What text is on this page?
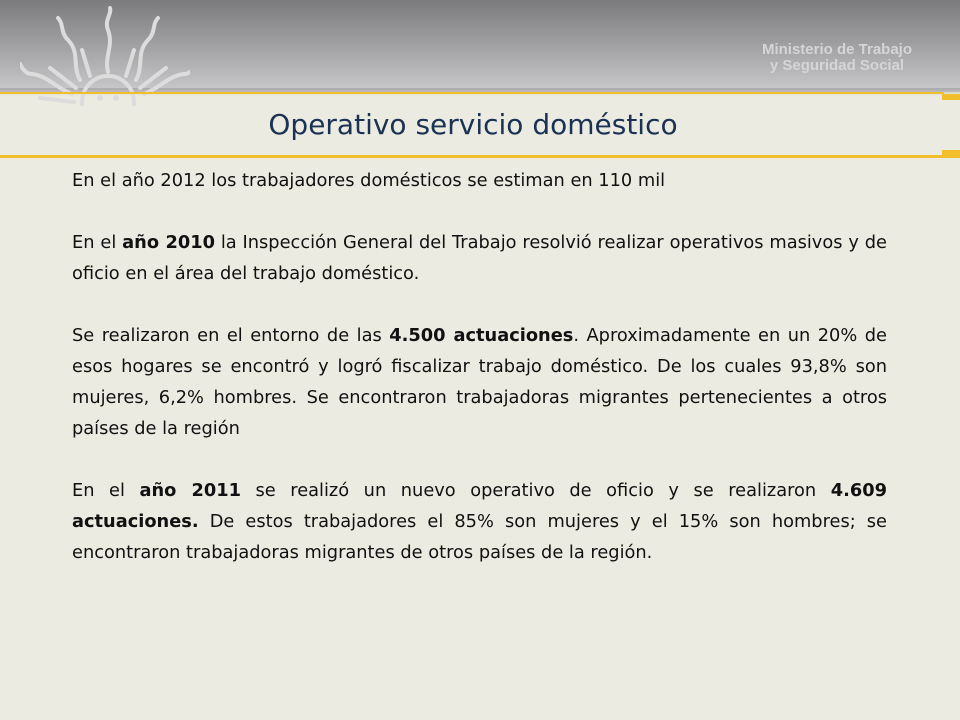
Ministerio de Trabajo
y Seguridad Social
Operativo servicio doméstico

En el año 2012 los trabajadores domésticos se estiman en 110 mil

En el año 2010 la Inspección General del Trabajo resolvió realizar operativos masivos y de oficio en el área del trabajo doméstico.

Se realizaron en el entorno de las 4.500 actuaciones. Aproximadamente en un 20% de esos hogares se encontró y logró fiscalizar trabajo doméstico. De los cuales 93,8% son mujeres, 6,2% hombres. Se encontraron trabajadoras migrantes pertenecientes a otros países de la región

En el año 2011 se realizó un nuevo operativo de oficio y se realizaron 4.609 actuaciones. De estos trabajadores el 85% son mujeres y el 15% son hombres; se encontraron trabajadoras migrantes de otros países de la región.
